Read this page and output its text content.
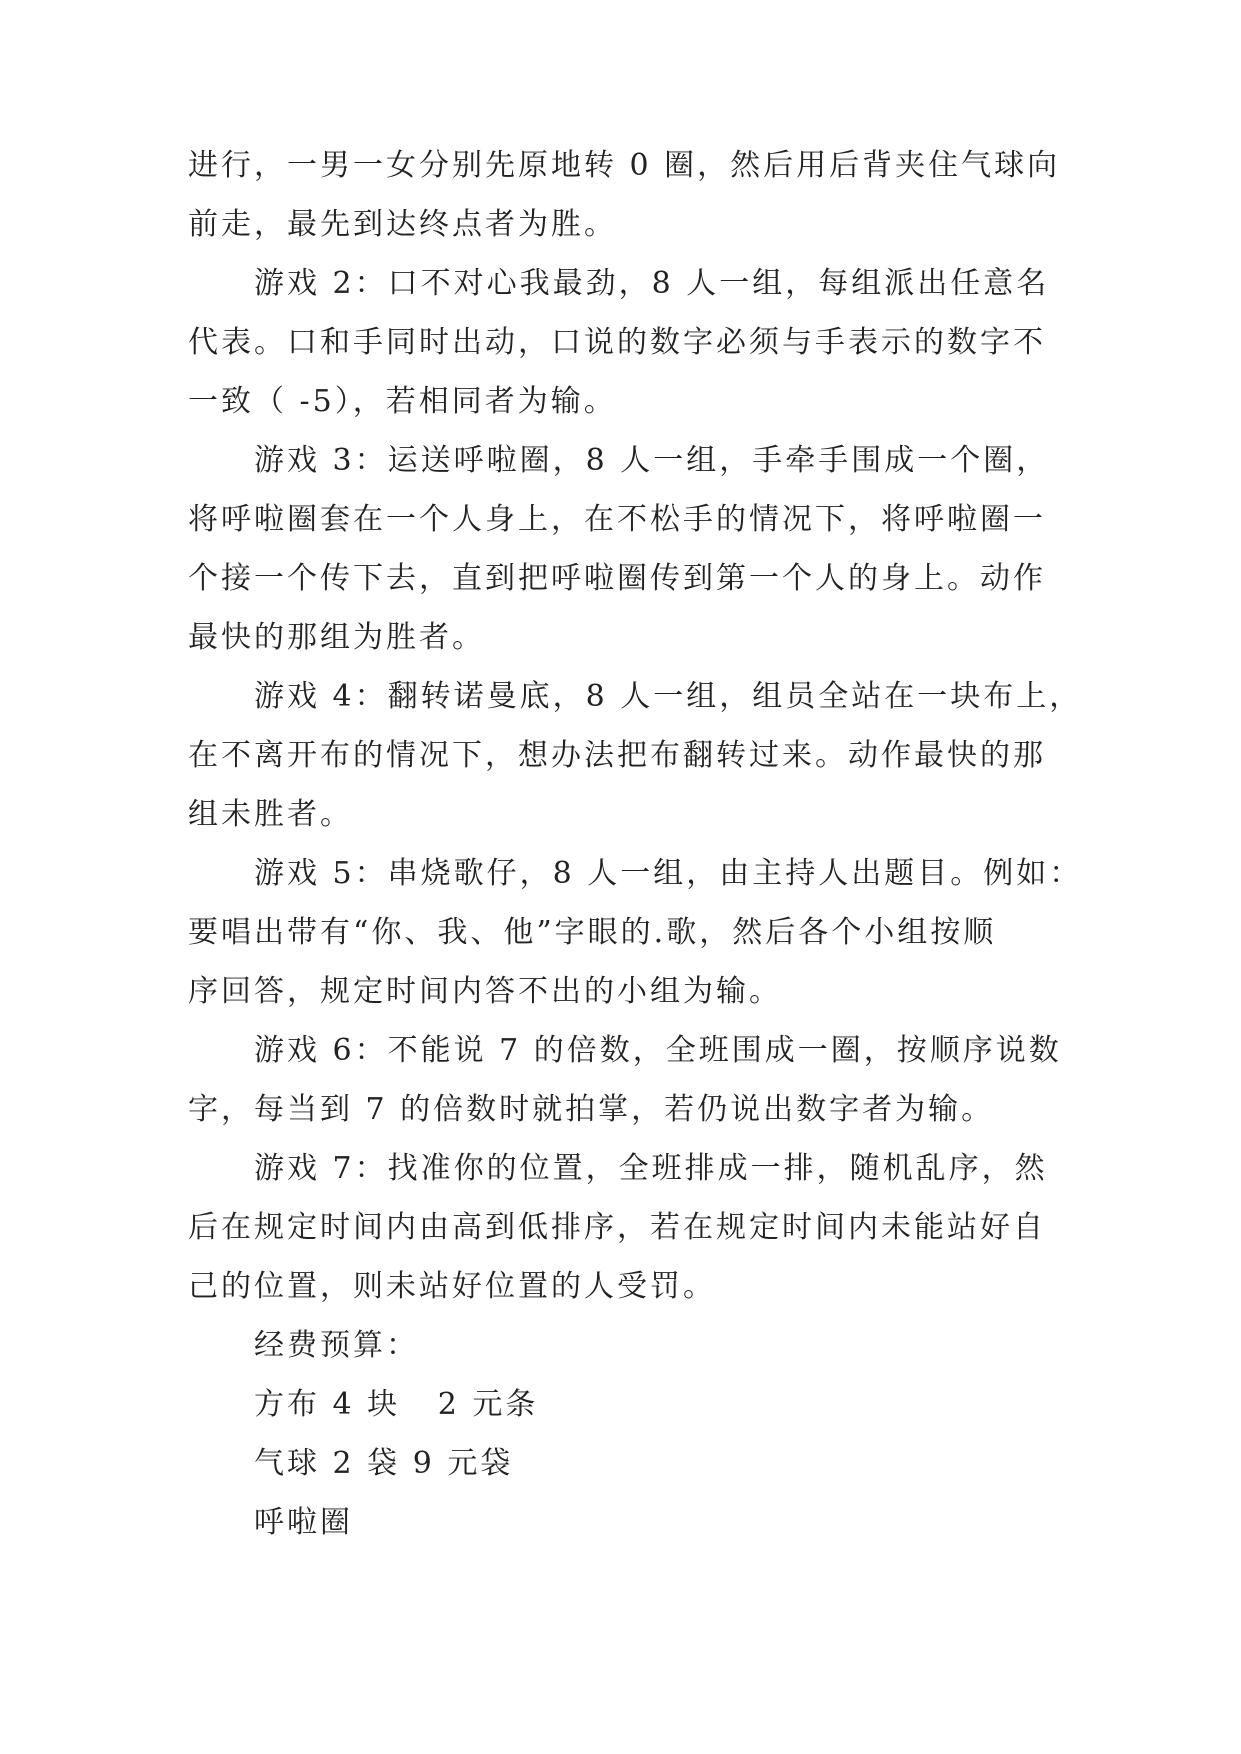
进行，一男一女分别先原地转 0 圈，然后用后背夹住气球向
前走，最先到达终点者为胜。
游戏 2：口不对心我最劲，8 人一组，每组派出任意名
代表。口和手同时出动，口说的数字必须与手表示的数字不
一致（ -5），若相同者为输。
游戏 3：运送呼啦圈，8 人一组，手牵手围成一个圈，
将呼啦圈套在一个人身上，在不松手的情况下，将呼啦圈一
个接一个传下去，直到把呼啦圈传到第一个人的身上。动作
最快的那组为胜者。
游戏 4：翻转诺曼底，8 人一组，组员全站在一块布上，
在不离开布的情况下，想办法把布翻转过来。动作最快的那
组未胜者。
游戏 5：串烧歌仔，8 人一组，由主持人出题目。例如：
要唱出带有“你、我、他”字眼的.歌，然后各个小组按顺
序回答，规定时间内答不出的小组为输。
游戏 6：不能说 7 的倍数，全班围成一圈，按顺序说数
字，每当到 7 的倍数时就拍掌，若仍说出数字者为输。
游戏 7：找准你的位置，全班排成一排，随机乱序，然
后在规定时间内由高到低排序，若在规定时间内未能站好自
己的位置，则未站好位置的人受罚。
经费预算：
方布 4 块   2 元条
气球 2 袋 9 元袋
呼啦圈
